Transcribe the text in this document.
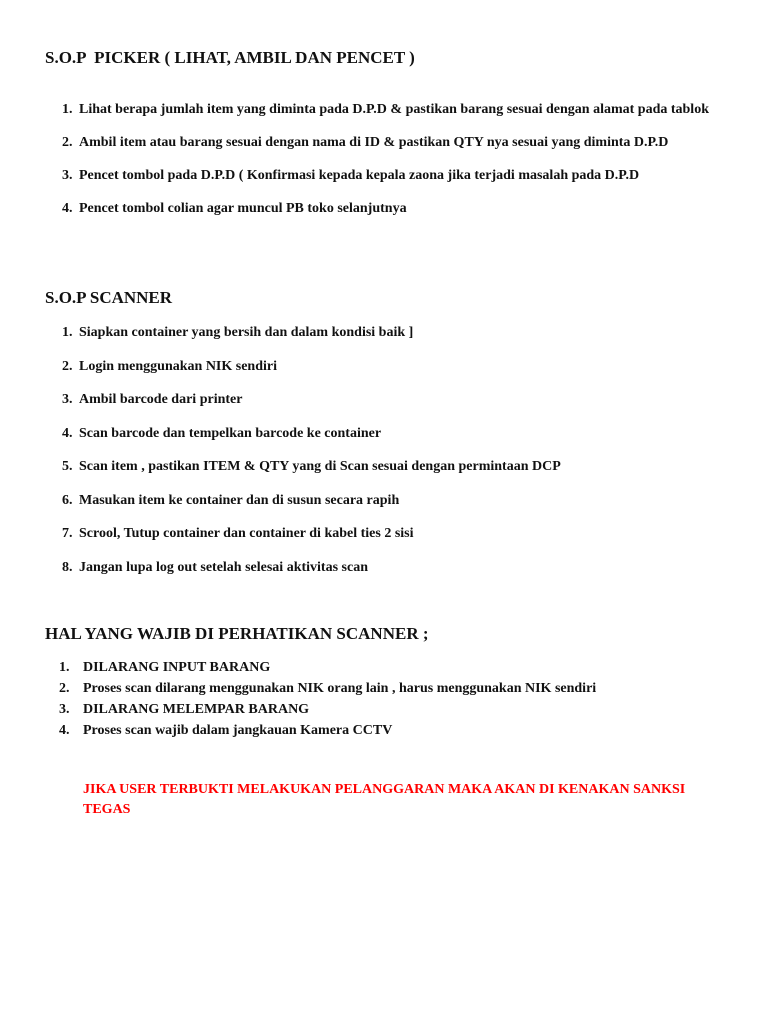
S.O.P  PICKER ( LIHAT, AMBIL DAN PENCET )
1. Lihat berapa jumlah item yang diminta pada D.P.D & pastikan barang sesuai dengan alamat pada tablok
2. Ambil item atau barang sesuai dengan nama di ID & pastikan QTY nya sesuai yang diminta D.P.D
3. Pencet tombol pada D.P.D ( Konfirmasi kepada kepala zaona jika terjadi masalah pada D.P.D
4. Pencet tombol colian agar muncul PB toko selanjutnya
S.O.P SCANNER
1. Siapkan container yang bersih dan dalam kondisi baik ]
2. Login menggunakan NIK sendiri
3. Ambil barcode dari printer
4. Scan barcode dan tempelkan barcode ke container
5. Scan item , pastikan ITEM & QTY yang di Scan sesuai dengan permintaan DCP
6. Masukan item ke container dan di susun secara rapih
7. Scrool, Tutup container dan container di kabel ties 2 sisi
8. Jangan lupa log out setelah selesai aktivitas scan
HAL YANG WAJIB DI PERHATIKAN SCANNER ;
1. DILARANG INPUT BARANG
2. Proses scan dilarang menggunakan NIK orang lain , harus menggunakan NIK sendiri
3. DILARANG MELEMPAR BARANG
4. Proses scan wajib dalam jangkauan Kamera CCTV

JIKA USER TERBUKTI MELAKUKAN PELANGGARAN MAKA AKAN DI KENAKAN SANKSI TEGAS
